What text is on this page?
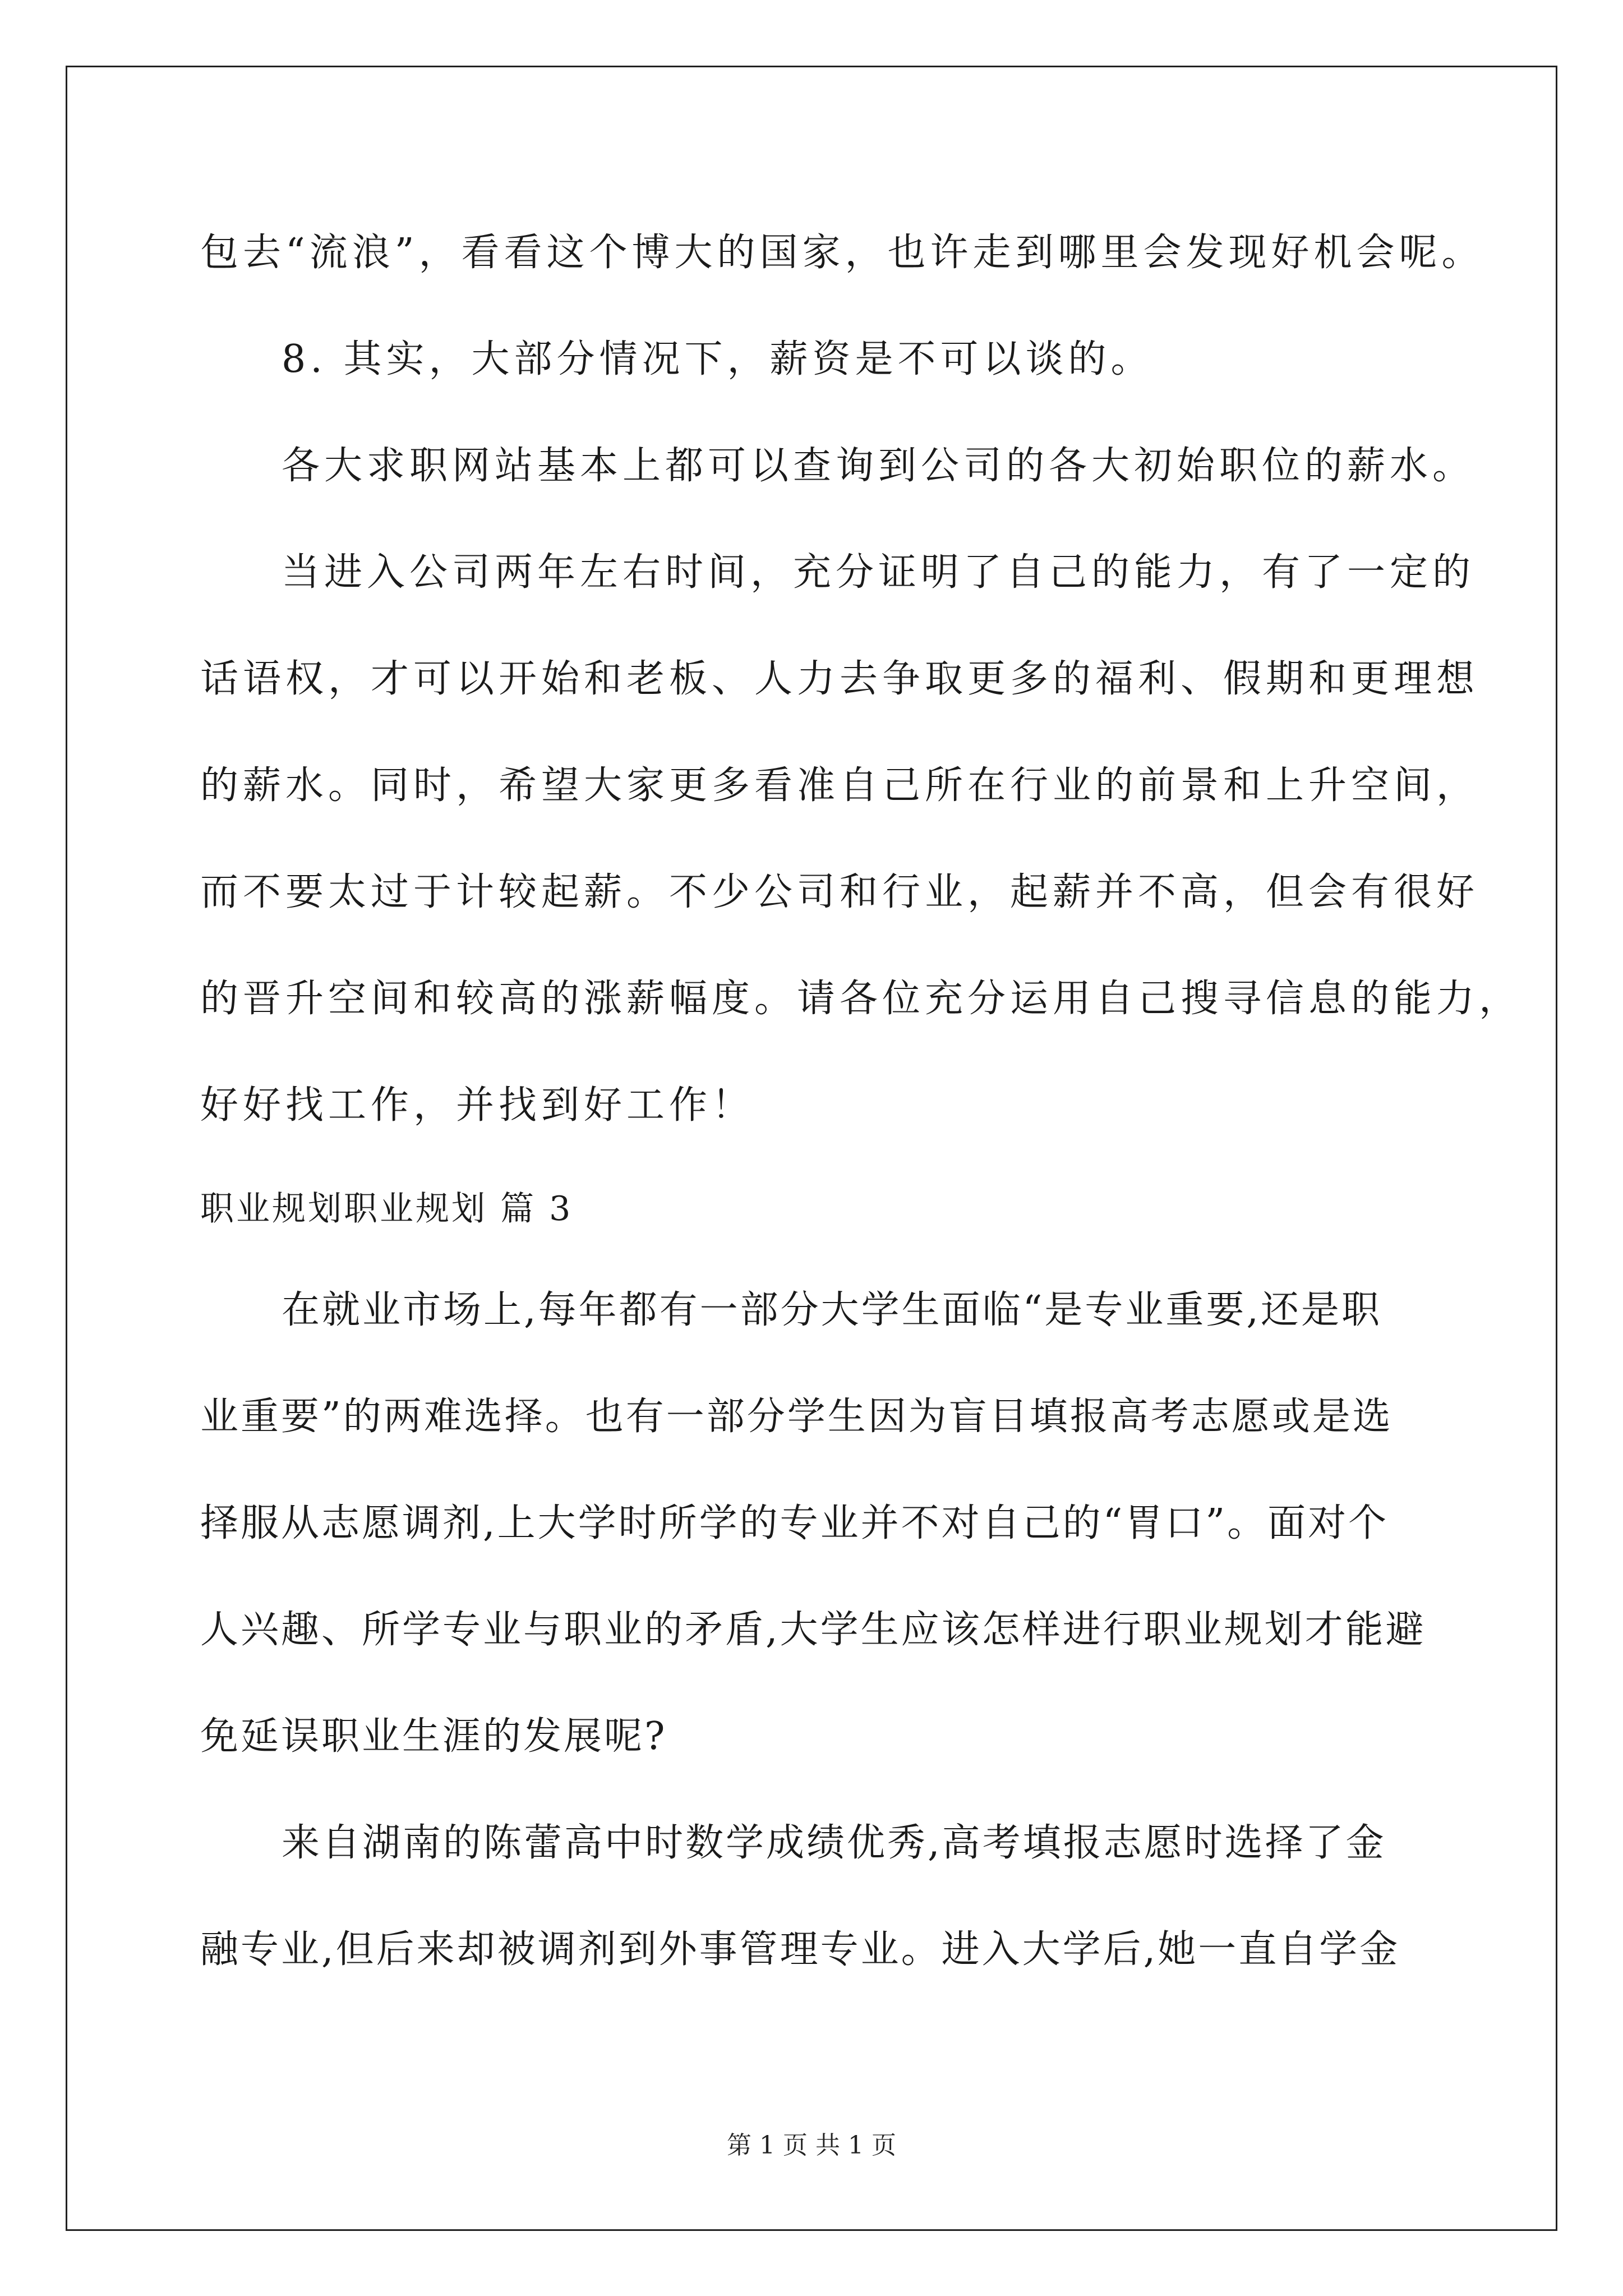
包去“流浪”，看看这个博大的国家，也许走到哪里会发现好机会呢。
8. 其实，大部分情况下，薪资是不可以谈的。
各大求职网站基本上都可以查询到公司的各大初始职位的薪水。
当进入公司两年左右时间，充分证明了自己的能力，有了一定的
话语权，才可以开始和老板、人力去争取更多的福利、假期和更理想
的薪水。同时，希望大家更多看准自己所在行业的前景和上升空间，
而不要太过于计较起薪。不少公司和行业，起薪并不高，但会有很好
的晋升空间和较高的涨薪幅度。请各位充分运用自己搜寻信息的能力，
好好找工作，并找到好工作！
职业规划职业规划 篇 3
在就业市场上,每年都有一部分大学生面临“是专业重要,还是职
业重要”的两难选择。也有一部分学生因为盲目填报高考志愿或是选
择服从志愿调剂,上大学时所学的专业并不对自己的“胃口”。面对个
人兴趣、所学专业与职业的矛盾,大学生应该怎样进行职业规划才能避
免延误职业生涯的发展呢?
来自湖南的陈蕾高中时数学成绩优秀,高考填报志愿时选择了金
融专业,但后来却被调剂到外事管理专业。进入大学后,她一直自学金
第 1 页 共 1 页
